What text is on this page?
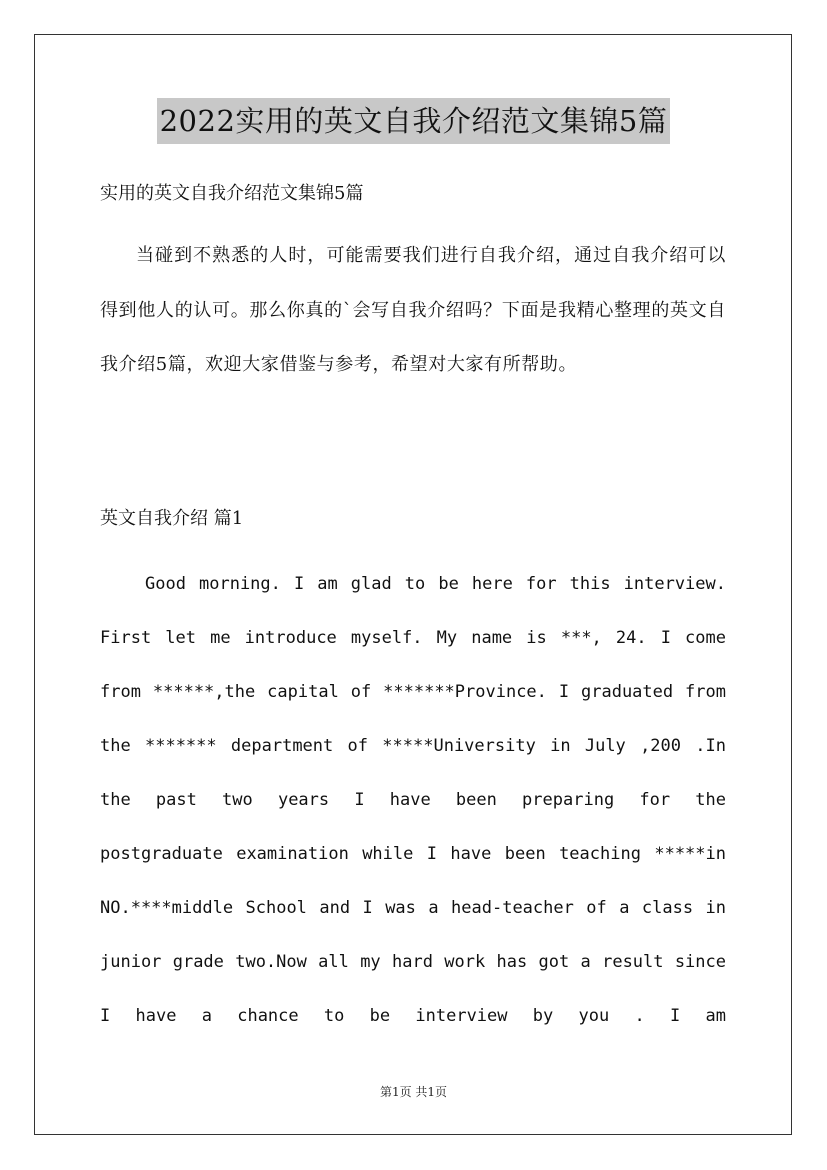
2022实用的英文自我介绍范文集锦5篇
实用的英文自我介绍范文集锦5篇
当碰到不熟悉的人时，可能需要我们进行自我介绍，通过自我介绍可以得到他人的认可。那么你真的`会写自我介绍吗？下面是我精心整理的英文自我介绍5篇，欢迎大家借鉴与参考，希望对大家有所帮助。
英文自我介绍 篇1
Good morning. I am glad to be here for this interview.
First let me introduce myself. My name is ***, 24. I come
from ******,the capital of *******Province. I graduated from
the ******* department of *****University in July ,200 .In
the past two years I have been preparing for the
postgraduate examination while I have been teaching *****in
NO.****middle School and I was a head-teacher of a class in
junior grade two.Now all my hard work has got a result since
I have a chance to be interview by you . I am
第1页 共1页
